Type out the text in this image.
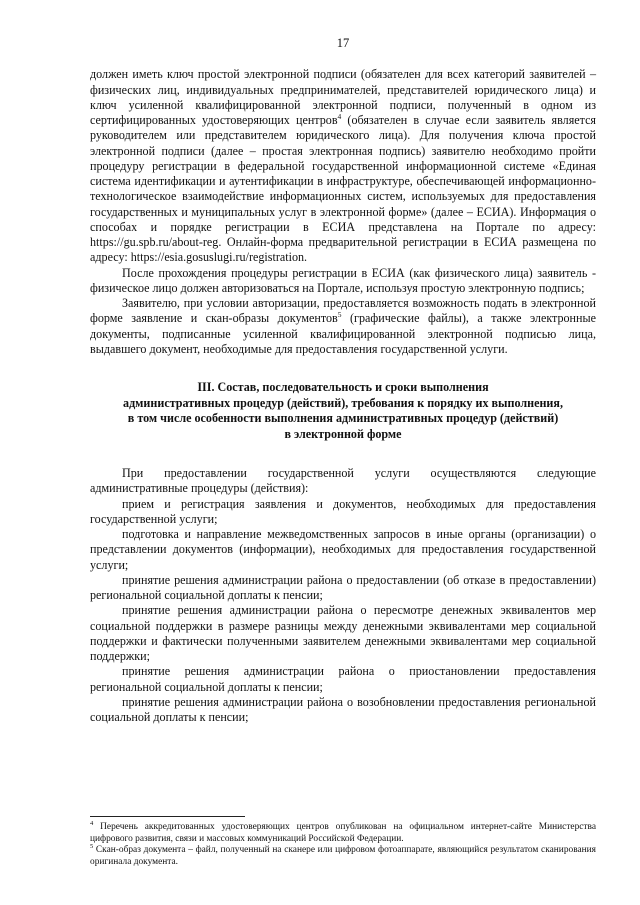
17

должен иметь ключ простой электронной подписи (обязателен для всех категорий заявителей – физических лиц, индивидуальных предпринимателей, представителей юридического лица) и ключ усиленной квалифицированной электронной подписи, полученный в одном из сертифицированных удостоверяющих центров$^4$ (обязателен в случае если заявитель является руководителем или представителем юридического лица). Для получения ключа простой электронной подписи (далее – простая электронная подпись) заявителю необходимо пройти процедуру регистрации в федеральной государственной информационной системе «Единая система идентификации и аутентификации в инфраструктуре, обеспечивающей информационно-технологическое взаимодействие информационных систем, используемых для предоставления государственных и муниципальных услуг в электронной форме» (далее – ЕСИА). Информация о способах и порядке регистрации в ЕСИА представлена на Портале по адресу: https://gu.spb.ru/about-reg. Онлайн-форма предварительной регистрации в ЕСИА размещена по адресу: https://esia.gosuslugi.ru/registration.

После прохождения процедуры регистрации в ЕСИА (как физического лица) заявитель - физическое лицо должен авторизоваться на Портале, используя простую электронную подпись;

Заявителю, при условии авторизации, предоставляется возможность подать в электронной форме заявление и скан-образы документов$^5$ (графические файлы), а также электронные документы, подписанные усиленной квалифицированной электронной подписью лица, выдавшего документ, необходимые для предоставления государственной услуги.

III. Состав, последовательность и сроки выполнения
административных процедур (действий), требования к порядку их выполнения,
в том числе особенности выполнения административных процедур (действий)
в электронной форме

При предоставлении государственной услуги осуществляются следующие административные процедуры (действия):

прием и регистрация заявления и документов, необходимых для предоставления государственной услуги;

подготовка и направление межведомственных запросов в иные органы (организации) о представлении документов (информации), необходимых для предоставления государственной услуги;

принятие решения администрации района о предоставлении (об отказе в предоставлении) региональной социальной доплаты к пенсии;

принятие решения администрации района о пересмотре денежных эквивалентов мер социальной поддержки в размере разницы между денежными эквивалентами мер социальной поддержки и фактически полученными заявителем денежными эквивалентами мер социальной поддержки;

принятие решения администрации района о приостановлении предоставления региональной социальной доплаты к пенсии;

принятие решения администрации района о возобновлении предоставления региональной социальной доплаты к пенсии;

$^4$ Перечень аккредитованных удостоверяющих центров опубликован на официальном интернет-сайте Министерства цифрового развития, связи и массовых коммуникаций Российской Федерации.

$^5$ Скан-образ документа – файл, полученный на сканере или цифровом фотоаппарате, являющийся результатом сканирования оригинала документа.
